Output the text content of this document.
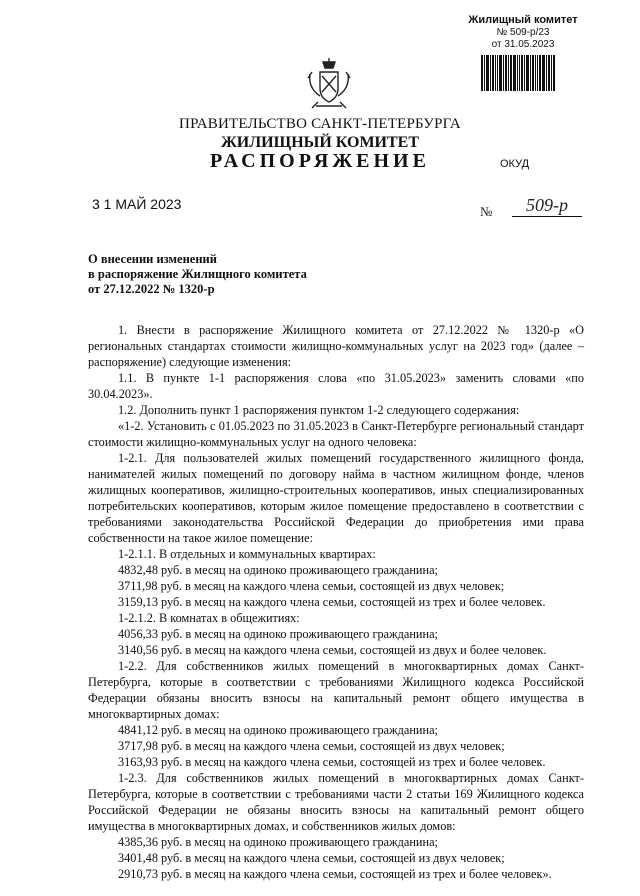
Жилищный комитет
№ 509-р/23
от 31.05.2023
ПРАВИТЕЛЬСТВО САНКТ-ПЕТЕРБУРГА
ЖИЛИЩНЫЙ КОМИТЕТ
РАСПОРЯЖЕНИЕ	ОКУД
3 1 МАЙ 2023	№	509-р
О внесении изменений
в распоряжение Жилищного комитета
от 27.12.2022 № 1320-р

1. Внести в распоряжение Жилищного комитета от 27.12.2022 № 1320-р «О региональных стандартах стоимости жилищно-коммунальных услуг на 2023 год» (далее – распоряжение) следующие изменения:

1.1. В пункте 1-1 распоряжения слова «по 31.05.2023» заменить словами «по 30.04.2023».

1.2. Дополнить пункт 1 распоряжения пунктом 1-2 следующего содержания:

«1-2. Установить с 01.05.2023 по 31.05.2023 в Санкт-Петербурге региональный стандарт стоимости жилищно-коммунальных услуг на одного человека:

1-2.1. Для пользователей жилых помещений государственного жилищного фонда, нанимателей жилых помещений по договору найма в частном жилищном фонде, членов жилищных кооперативов, жилищно-строительных кооперативов, иных специализированных потребительских кооперативов, которым жилое помещение предоставлено в соответствии с требованиями законодательства Российской Федерации до приобретения ими права собственности на такое жилое помещение:

1-2.1.1. В отдельных и коммунальных квартирах:

4832,48 руб. в месяц на одиноко проживающего гражданина;

3711,98 руб. в месяц на каждого члена семьи, состоящей из двух человек;

3159,13 руб. в месяц на каждого члена семьи, состоящей из трех и более человек.

1-2.1.2. В комнатах в общежитиях:

4056,33 руб. в месяц на одиноко проживающего гражданина;

3140,56 руб. в месяц на каждого члена семьи, состоящей из двух и более человек.

1-2.2. Для собственников жилых помещений в многоквартирных домах Санкт-Петербурга, которые в соответствии с требованиями Жилищного кодекса Российской Федерации обязаны вносить взносы на капитальный ремонт общего имущества в многоквартирных домах:

4841,12 руб. в месяц на одиноко проживающего гражданина;

3717,98 руб. в месяц на каждого члена семьи, состоящей из двух человек;

3163,93 руб. в месяц на каждого члена семьи, состоящей из трех и более человек.

1-2.3. Для собственников жилых помещений в многоквартирных домах Санкт-Петербурга, которые в соответствии с требованиями части 2 статьи 169 Жилищного кодекса Российской Федерации не обязаны вносить взносы на капитальный ремонт общего имущества в многоквартирных домах, и собственников жилых домов:

4385,36 руб. в месяц на одиноко проживающего гражданина;

3401,48 руб. в месяц на каждого члена семьи, состоящей из двух человек;

2910,73 руб. в месяц на каждого члена семьи, состоящей из трех и более человек».
